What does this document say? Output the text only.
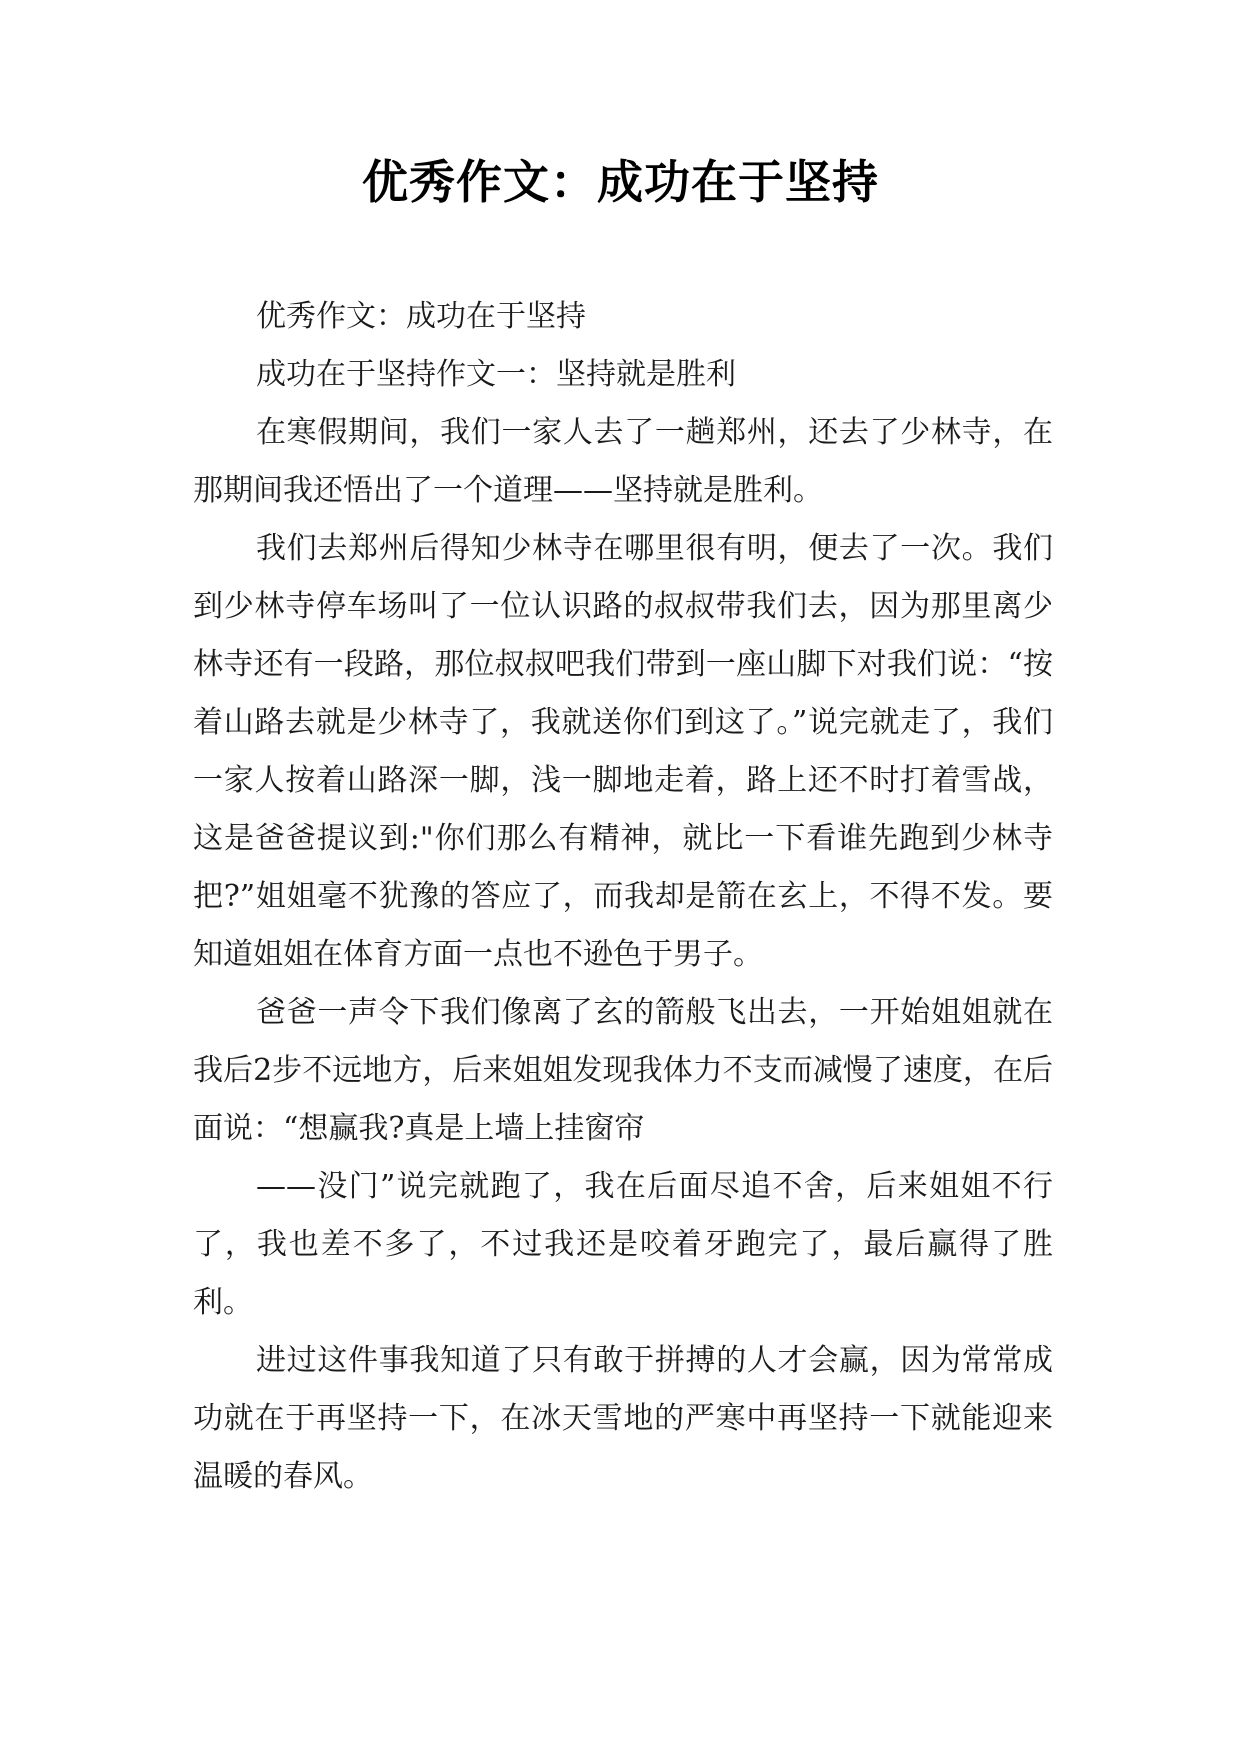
优秀作文：成功在于坚持

优秀作文：成功在于坚持

成功在于坚持作文一：坚持就是胜利

在寒假期间，我们一家人去了一趟郑州，还去了少林寺，在那期间我还悟出了一个道理——坚持就是胜利。

我们去郑州后得知少林寺在哪里很有明，便去了一次。我们到少林寺停车场叫了一位认识路的叔叔带我们去，因为那里离少林寺还有一段路，那位叔叔吧我们带到一座山脚下对我们说：“按着山路去就是少林寺了，我就送你们到这了。”说完就走了，我们一家人按着山路深一脚，浅一脚地走着，路上还不时打着雪战，这是爸爸提议到:"你们那么有精神，就比一下看谁先跑到少林寺把?”姐姐毫不犹豫的答应了，而我却是箭在玄上，不得不发。要知道姐姐在体育方面一点也不逊色于男子。

爸爸一声令下我们像离了玄的箭般飞出去，一开始姐姐就在我后2步不远地方，后来姐姐发现我体力不支而减慢了速度，在后面说：“想赢我?真是上墙上挂窗帘

——没门”说完就跑了，我在后面尽追不舍，后来姐姐不行了，我也差不多了，不过我还是咬着牙跑完了，最后赢得了胜利。

进过这件事我知道了只有敢于拼搏的人才会赢，因为常常成功就在于再坚持一下，在冰天雪地的严寒中再坚持一下就能迎来温暖的春风。
